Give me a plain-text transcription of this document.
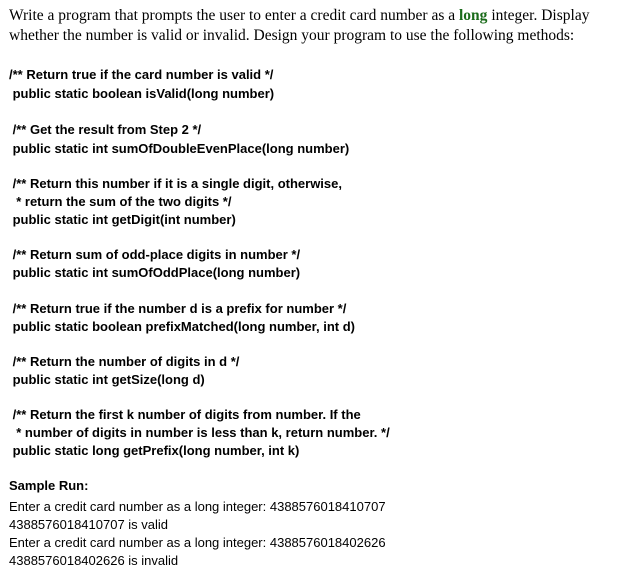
Write a program that prompts the user to enter a credit card number as a long integer. Display whether the number is valid or invalid. Design your program to use the following methods:
/** Return true if the card number is valid */
public static boolean isValid(long number)
/** Get the result from Step 2 */
public static int sumOfDoubleEvenPlace(long number)
/** Return this number if it is a single digit, otherwise,
* return the sum of the two digits */
public static int getDigit(int number)
/** Return sum of odd-place digits in number */
public static int sumOfOddPlace(long number)
/** Return true if the number d is a prefix for number */
public static boolean prefixMatched(long number, int d)
/** Return the number of digits in d */
public static int getSize(long d)
/** Return the first k number of digits from number. If the
* number of digits in number is less than k, return number. */
public static long getPrefix(long number, int k)
Sample Run:
Enter a credit card number as a long integer: 4388576018410707
4388576018410707 is valid
Enter a credit card number as a long integer: 4388576018402626
4388576018402626 is invalid
